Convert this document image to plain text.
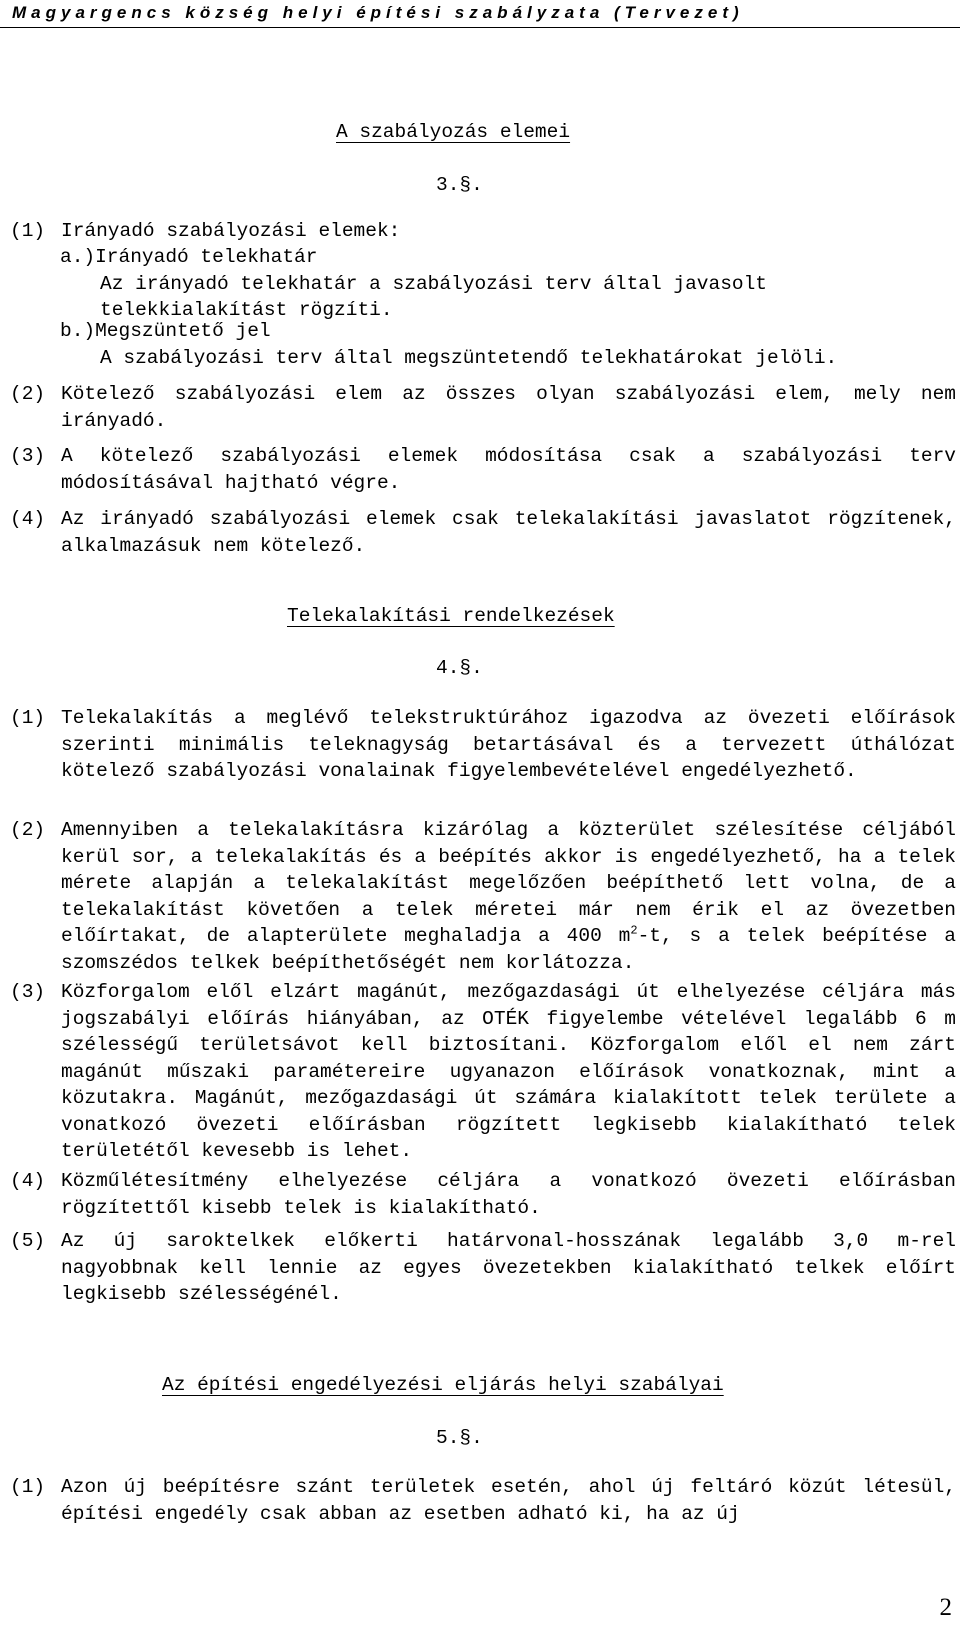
Magyargencs község helyi építési szabályzata (Tervezet)
A szabályozás elemei
3.§.
(1) Irányadó szabályozási elemek:
a.)Irányadó telekhatár
Az irányadó telekhatár a szabályozási terv által javasolt telekkialakítást rögzíti.
b.)Megszüntető jel
A szabályozási terv által megszüntetendő telekhatárokat jelöli.
(2) Kötelező szabályozási elem az összes olyan szabályozási elem, mely nem irányadó.
(3) A kötelező szabályozási elemek módosítása csak a szabályozási terv módosításával hajtható végre.
(4) Az irányadó szabályozási elemek csak telekalakítási javaslatot rögzítenek, alkalmazásuk nem kötelező.
Telekalakítási rendelkezések
4.§.
(1) Telekalakítás a meglévő telekstruktúrához igazodva az övezeti előírások szerinti minimális teleknagyság betartásával és a tervezett úthálózat kötelező szabályozási vonalainak figyelembevételével engedélyezhető.
(2) Amennyiben a telekalakításra kizárólag a közterület szélesítése céljából kerül sor, a telekalakítás és a beépítés akkor is engedélyezhető, ha a telek mérete alapján a telekalakítást megelőzően beépíthető lett volna, de a telekalakítást követően a telek méretei már nem érik el az övezetben előírtakat, de alapterülete meghaladja a 400 $m^2-t$, s a telek beépítése a szomszédos telkek beépíthetőségét nem korlátozza.
(3) Közforgalom elől elzárt magánút, mezőgazdasági út elhelyezése céljára más jogszabályi előírás hiányában, az OTÉK figyelembe vételével legalább 6 m szélességű területsávot kell biztosítani. Közforgalom elől el nem zárt magánút műszaki paramétereire ugyanazon előírások vonatkoznak, mint a közutakra. Magánút, mezőgazdasági út számára kialakított telek területe a vonatkozó övezeti előírásban rögzített legkisebb kialakítható telek területétől kevesebb is lehet.
(4) Közműlétesítmény elhelyezése céljára a vonatkozó övezeti előírásban rögzítettől kisebb telek is kialakítható.
(5) Az új saroktelkek előkerti határvonal-hosszának legalább 3,0 m-rel nagyobbnak kell lennie az egyes övezetekben kialakítható telkek előírt legkisebb szélességénél.
Az építési engedélyezési eljárás helyi szabályai
5.§.
(1) Azon új beépítésre szánt területek esetén, ahol új feltáró közút létesül, építési engedély csak abban az esetben adható ki, ha az új
2
